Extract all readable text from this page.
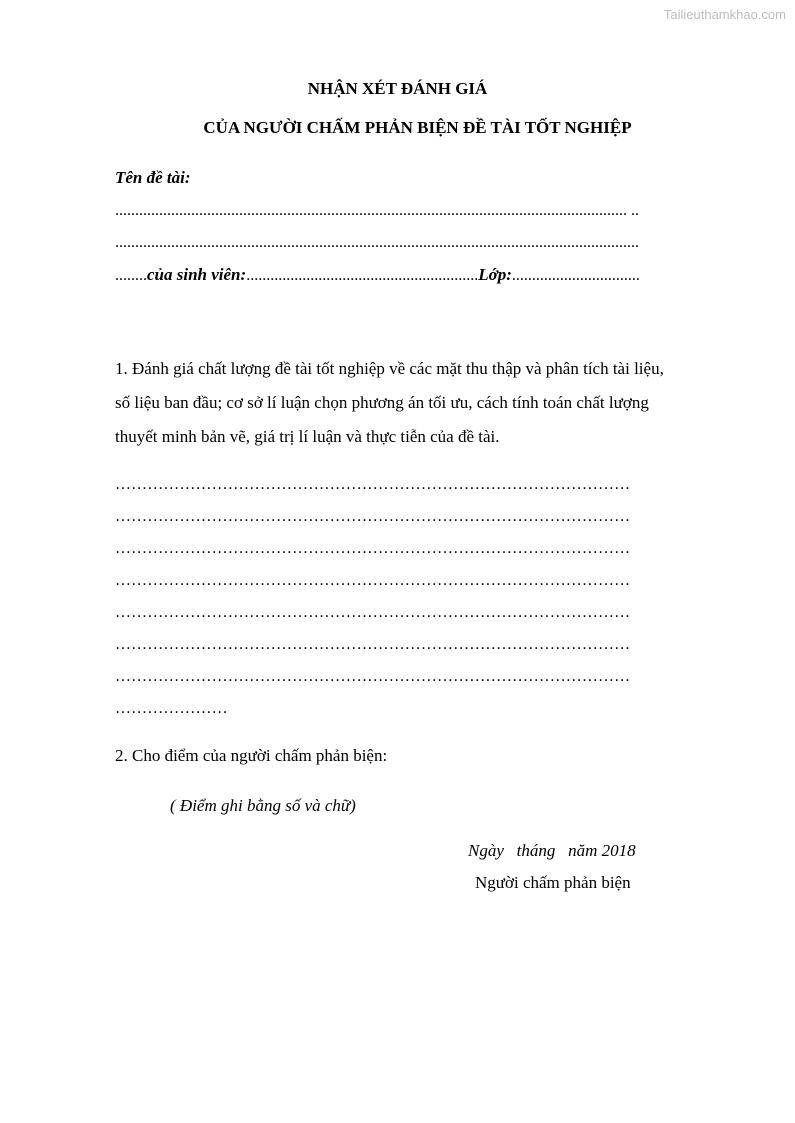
Tailieuthamkhao.com
NHẬN XÉT ĐÁNH GIÁ
CỦA NGƯỜI CHẤM PHẢN BIỆN ĐỀ TÀI TỐT NGHIỆP
Tên đề tài:
................................................................................................................................ ..
...................................................................................................................................
........của sinh viên:..........................................................Lớp:................................
1. Đánh giá chất lượng đề tài tốt nghiệp về các mặt thu thập và phân tích tài liệu,
số liệu ban đầu; cơ sở lí luận chọn phương án tối ưu, cách tính toán chất lượng
thuyết minh bản vẽ, giá trị lí luận và thực tiễn của đề tài.
……………………………………………………………………………………
……………………………………………………………………………………
……………………………………………………………………………………
……………………………………………………………………………………
……………………………………………………………………………………
……………………………………………………………………………………
……………………………………………………………………………………
…………………
2. Cho điểm của người chấm phản biện:
( Điểm ghi bằng số và chữ)
Ngày   tháng   năm 2018
Người chấm phản biện
